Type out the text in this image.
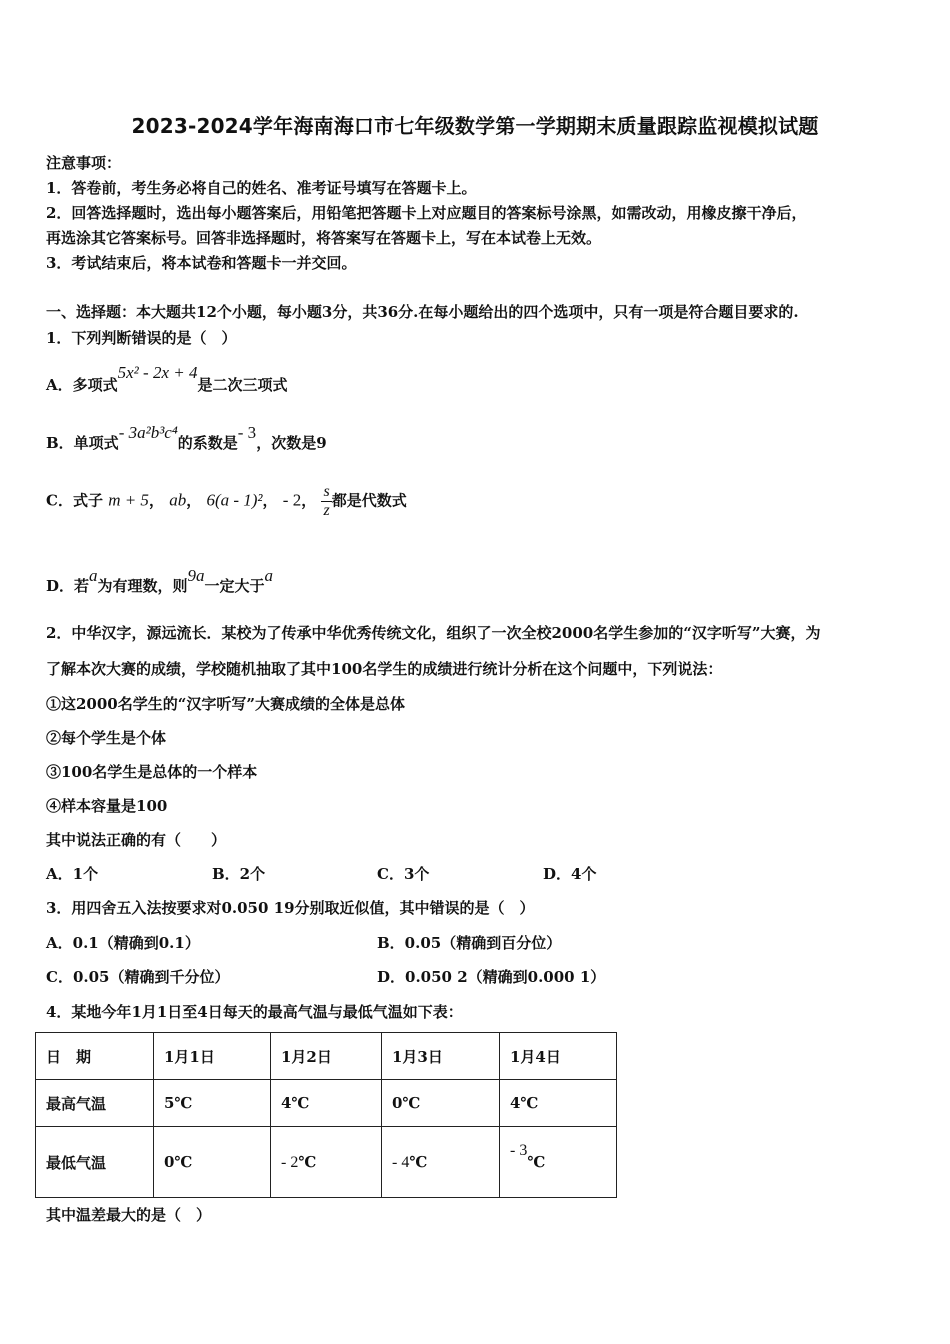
2023-2024学年海南海口市七年级数学第一学期期末质量跟踪监视模拟试题
注意事项：
1．答卷前，考生务必将自己的姓名、准考证号填写在答题卡上。
2．回答选择题时，选出每小题答案后，用铅笔把答题卡上对应题目的答案标号涂黑，如需改动，用橡皮擦干净后，
再选涂其它答案标号。回答非选择题时，将答案写在答题卡上，写在本试卷上无效。
3．考试结束后，将本试卷和答题卡一并交回。
一、选择题：本大题共12个小题，每小题3分，共36分.在每小题给出的四个选项中，只有一项是符合题目要求的.
1．下列判断错误的是（　）
A．多项式5x² - 2x + 4是二次三项式
B．单项式- 3a²b³c⁴的系数是- 3，次数是9
C．式子 m + 5， ab， 6(a - 1)²， - 2， $\frac{s}{z}$ 都是代数式
D．若a为有理数，则9a一定大于a
2．中华汉字，源远流长．某校为了传承中华优秀传统文化，组织了一次全校2000名学生参加的“汉字听写”大赛，为
了解本次大赛的成绩，学校随机抽取了其中100名学生的成绩进行统计分析在这个问题中，下列说法：
①这2000名学生的“汉字听写”大赛成绩的全体是总体
②每个学生是个体
③100名学生是总体的一个样本
④样本容量是100
其中说法正确的有（　　）
A．1个	B．2个	C．3个	D．4个
3．用四舍五入法按要求对0.050 19分别取近似值，其中错误的是（　）
A．0.1（精确到0.1）	B．0.05（精确到百分位）
C．0.05（精确到千分位）	D．0.050 2（精确到0.000 1）
4．某地今年1月1日至4日每天的最高气温与最低气温如下表：
日　期	1月1日	1月2日	1月3日	1月4日
最高气温	5℃	4℃	0℃	4℃
最低气温	0℃	- 2℃	- 4℃	- 3℃
其中温差最大的是（　）
